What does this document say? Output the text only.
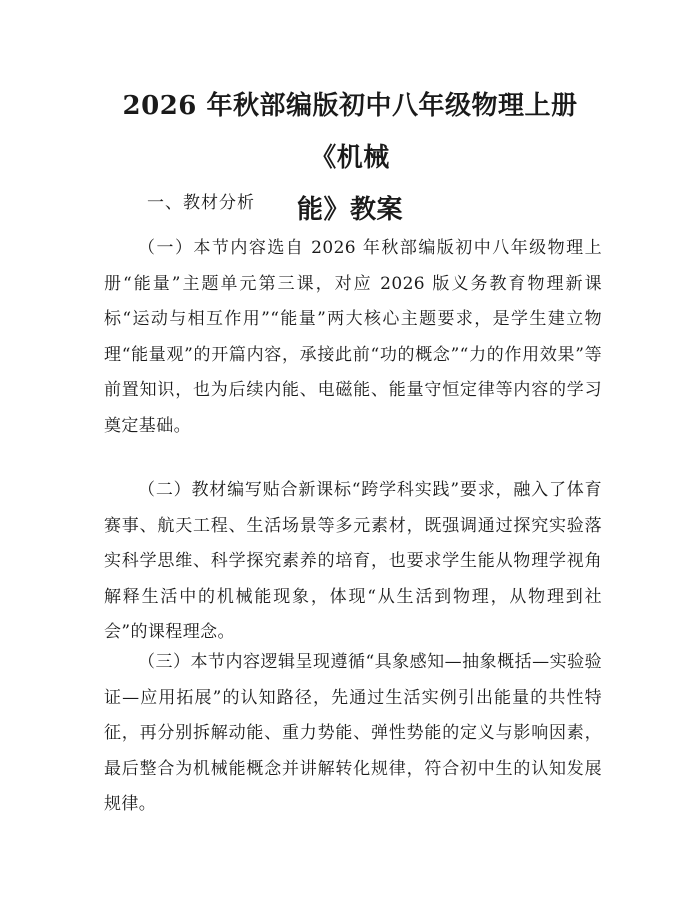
2026 年秋部编版初中八年级物理上册《机械
能》教案
一、教材分析

（一）本节内容选自 2026 年秋部编版初中八年级物理上册“能量”主题单元第三课，对应 2026 版义务教育物理新课标“运动与相互作用”“能量”两大核心主题要求，是学生建立物理“能量观”的开篇内容，承接此前“功的概念”“力的作用效果”等前置知识，也为后续内能、电磁能、能量守恒定律等内容的学习奠定基础。

（二）教材编写贴合新课标“跨学科实践”要求，融入了体育赛事、航天工程、生活场景等多元素材，既强调通过探究实验落实科学思维、科学探究素养的培育，也要求学生能从物理学视角解释生活中的机械能现象，体现“从生活到物理，从物理到社会”的课程理念。

（三）本节内容逻辑呈现遵循“具象感知—抽象概括—实验验证—应用拓展”的认知路径，先通过生活实例引出能量的共性特征，再分别拆解动能、重力势能、弹性势能的定义与影响因素，最后整合为机械能概念并讲解转化规律，符合初中生的认知发展规律。
